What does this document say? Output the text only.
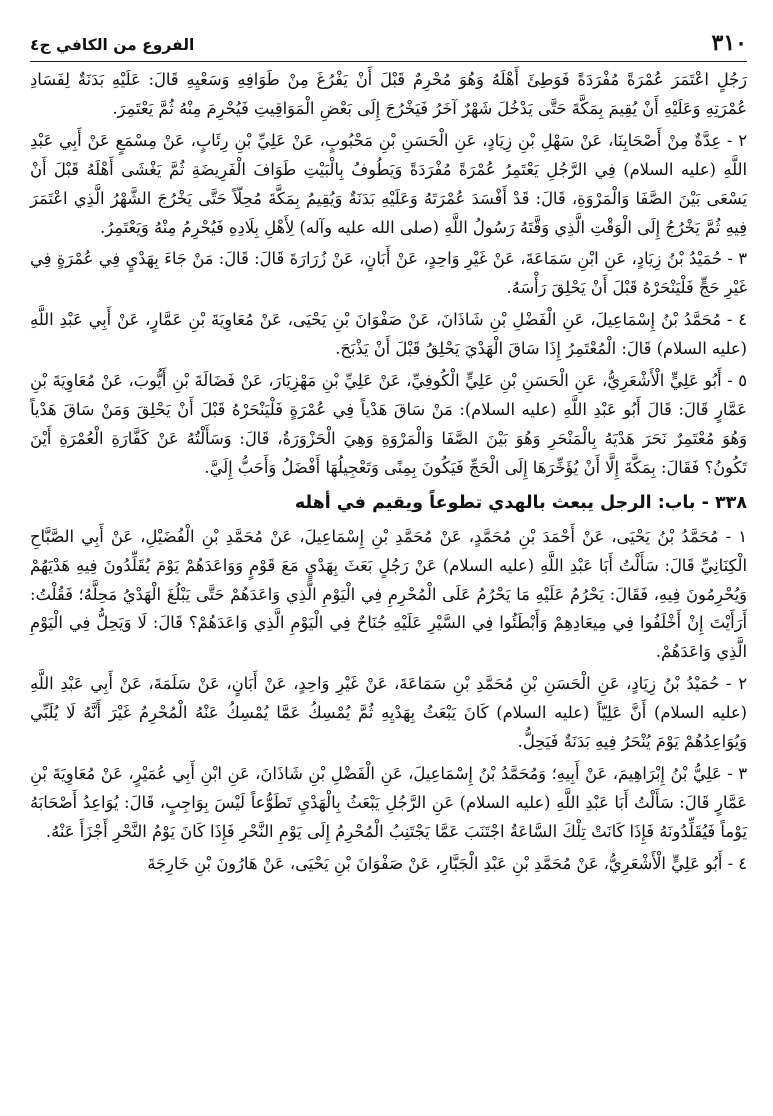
٣١٠
الفروع من الكافي ج٤

رَجُلٍ اعْتَمَرَ عُمْرَةً مُفْرَدَةً فَوَطِئَ أَهْلَهُ وَهُوَ مُحْرِمٌ قَبْلَ أَنْ يَفْرُغَ مِنْ طَوَافِهِ وَسَعْيِهِ قَالَ: عَلَيْهِ بَدَنَةٌ لِفَسَادِ عُمْرَتِهِ وَعَلَيْهِ أَنْ يُقِيمَ بِمَكَّةَ حَتَّى يَدْخُلَ شَهْرٌ آخَرُ فَيَخْرُجَ إِلَى بَعْضِ الْمَوَاقِيتِ فَيُحْرِمَ مِنْهُ ثُمَّ يَعْتَمِرَ.

٢ - عِدَّةٌ مِنْ أَصْحَابِنَا، عَنْ سَهْلِ بْنِ زِيَادٍ، عَنِ الْحَسَنِ بْنِ مَحْبُوبٍ، عَنْ عَلِيِّ بْنِ رِئَابٍ، عَنْ مِسْمَعٍ عَنْ أَبِي عَبْدِ اللَّهِ (عليه السلام) فِي الرَّجُلِ يَعْتَمِرُ عُمْرَةً مُفْرَدَةً وَيَطُوفُ بِالْبَيْتِ طَوَافَ الْفَرِيضَةِ ثُمَّ يَغْشَى أَهْلَهُ قَبْلَ أَنْ يَسْعَى بَيْنَ الصَّفَا وَالْمَرْوَةِ، قَالَ: قَدْ أَفْسَدَ عُمْرَتَهُ وَعَلَيْهِ بَدَنَةٌ وَيُقِيمُ بِمَكَّةَ مُحِلّاً حَتَّى يَخْرُجَ الشَّهْرُ الَّذِي اعْتَمَرَ فِيهِ ثُمَّ يَخْرُجُ إِلَى الْوَقْتِ الَّذِي وَقَّتَهُ رَسُولُ اللَّهِ (صلى الله عليه وآله) لِأَهْلِ بِلَادِهِ فَيُحْرِمُ مِنْهُ وَيَعْتَمِرُ.

٣ - حُمَيْدُ بْنُ زِيَادٍ، عَنِ ابْنِ سَمَاعَةَ، عَنْ غَيْرِ وَاحِدٍ، عَنْ أَبَانٍ، عَنْ زُرَارَةَ قَالَ: قَالَ: مَنْ جَاءَ بِهَدْيٍ فِي عُمْرَةٍ فِي غَيْرِ حَجٍّ فَلْيَنْحَرْهُ قَبْلَ أَنْ يَحْلِقَ رَأْسَهُ.

٤ - مُحَمَّدُ بْنُ إِسْمَاعِيلَ، عَنِ الْفَضْلِ بْنِ شَاذَانَ، عَنْ صَفْوَانَ بْنِ يَحْيَى، عَنْ مُعَاوِيَةَ بْنِ عَمَّارٍ، عَنْ أَبِي عَبْدِ اللَّهِ (عليه السلام) قَالَ: الْمُعْتَمِرُ إِذَا سَاقَ الْهَدْيَ يَحْلِقُ قَبْلَ أَنْ يَذْبَحَ.

٥ - أَبُو عَلِيٍّ الْأَشْعَرِيُّ، عَنِ الْحَسَنِ بْنِ عَلِيٍّ الْكُوفِيِّ، عَنْ عَلِيِّ بْنِ مَهْزِيَارَ، عَنْ فَضَالَةَ بْنِ أَيُّوبَ، عَنْ مُعَاوِيَةَ بْنِ عَمَّارٍ قَالَ: قَالَ أَبُو عَبْدِ اللَّهِ (عليه السلام): مَنْ سَاقَ هَدْياً فِي عُمْرَةٍ فَلْيَنْحَرْهُ قَبْلَ أَنْ يَحْلِقَ وَمَنْ سَاقَ هَدْياً وَهُوَ مُعْتَمِرٌ نَحَرَ هَدْيَهُ بِالْمَنْحَرِ وَهُوَ بَيْنَ الصَّفَا وَالْمَرْوَةِ وَهِيَ الْحَزْوَرَةُ، قَالَ: وَسَأَلْتُهُ عَنْ كَفَّارَةِ الْعُمْرَةِ أَيْنَ تَكُونُ؟ فَقَالَ: بِمَكَّةَ إِلَّا أَنْ يُؤَخِّرَهَا إِلَى الْحَجِّ فَيَكُونَ بِمِنًى وَتَعْجِيلُهَا أَفْضَلُ وَأَحَبُّ إِلَيَّ.

٣٣٨ - باب: الرجل يبعث بالهدي تطوعاً ويقيم في أهله

١ - مُحَمَّدُ بْنُ يَحْيَى، عَنْ أَحْمَدَ بْنِ مُحَمَّدٍ، عَنْ مُحَمَّدِ بْنِ إِسْمَاعِيلَ، عَنْ مُحَمَّدِ بْنِ الْفُضَيْلِ، عَنْ أَبِي الصَّبَّاحِ الْكِنَانِيِّ قَالَ: سَأَلْتُ أَبَا عَبْدِ اللَّهِ (عليه السلام) عَنْ رَجُلٍ بَعَثَ بِهَدْيٍ مَعَ قَوْمٍ وَوَاعَدَهُمْ يَوْمَ يُقَلِّدُونَ فِيهِ هَدْيَهُمْ وَيُحْرِمُونَ فِيهِ، فَقَالَ: يَحْرُمُ عَلَيْهِ مَا يَحْرُمُ عَلَى الْمُحْرِمِ فِي الْيَوْمِ الَّذِي وَاعَدَهُمْ حَتَّى يَبْلُغَ الْهَدْيُ مَحِلَّهُ؛ فَقُلْتُ: أَرَأَيْتَ إِنْ أَخْلَفُوا فِي مِيعَادِهِمْ وَأَبْطَئُوا فِي السَّيْرِ عَلَيْهِ جُنَاحٌ فِي الْيَوْمِ الَّذِي وَاعَدَهُمْ؟ قَالَ: لَا وَيَحِلُّ فِي الْيَوْمِ الَّذِي وَاعَدَهُمْ.

٢ - حُمَيْدُ بْنُ زِيَادٍ، عَنِ الْحَسَنِ بْنِ مُحَمَّدِ بْنِ سَمَاعَةَ، عَنْ غَيْرِ وَاحِدٍ، عَنْ أَبَانٍ، عَنْ سَلَمَةَ، عَنْ أَبِي عَبْدِ اللَّهِ (عليه السلام) أَنَّ عَلِيّاً (عليه السلام) كَانَ يَبْعَثُ بِهَدْيِهِ ثُمَّ يُمْسِكُ عَمَّا يُمْسِكُ عَنْهُ الْمُحْرِمُ غَيْرَ أَنَّهُ لَا يُلَبِّي وَيُوَاعِدُهُمْ يَوْمَ يُنْحَرُ فِيهِ بَدَنَةٌ فَيَحِلُّ.

٣ - عَلِيُّ بْنُ إِبْرَاهِيمَ، عَنْ أَبِيهِ؛ وَمُحَمَّدُ بْنُ إِسْمَاعِيلَ، عَنِ الْفَضْلِ بْنِ شَاذَانَ، عَنِ ابْنِ أَبِي عُمَيْرٍ، عَنْ مُعَاوِيَةَ بْنِ عَمَّارٍ قَالَ: سَأَلْتُ أَبَا عَبْدِ اللَّهِ (عليه السلام) عَنِ الرَّجُلِ يَبْعَثُ بِالْهَدْيِ تَطَوُّعاً لَيْسَ بِوَاجِبٍ، قَالَ: يُوَاعِدُ أَصْحَابَهُ يَوْماً فَيُقَلِّدُونَهُ فَإِذَا كَانَتْ تِلْكَ السَّاعَةُ اجْتَنَبَ عَمَّا يَجْتَنِبُ الْمُحْرِمُ إِلَى يَوْمِ النَّحْرِ فَإِذَا كَانَ يَوْمُ النَّحْرِ أَجْزَأَ عَنْهُ.

٤ - أَبُو عَلِيٍّ الْأَشْعَرِيُّ، عَنْ مُحَمَّدِ بْنِ عَبْدِ الْجَبَّارِ، عَنْ صَفْوَانَ بْنِ يَحْيَى، عَنْ هَارُونَ بْنِ خَارِجَةَ
